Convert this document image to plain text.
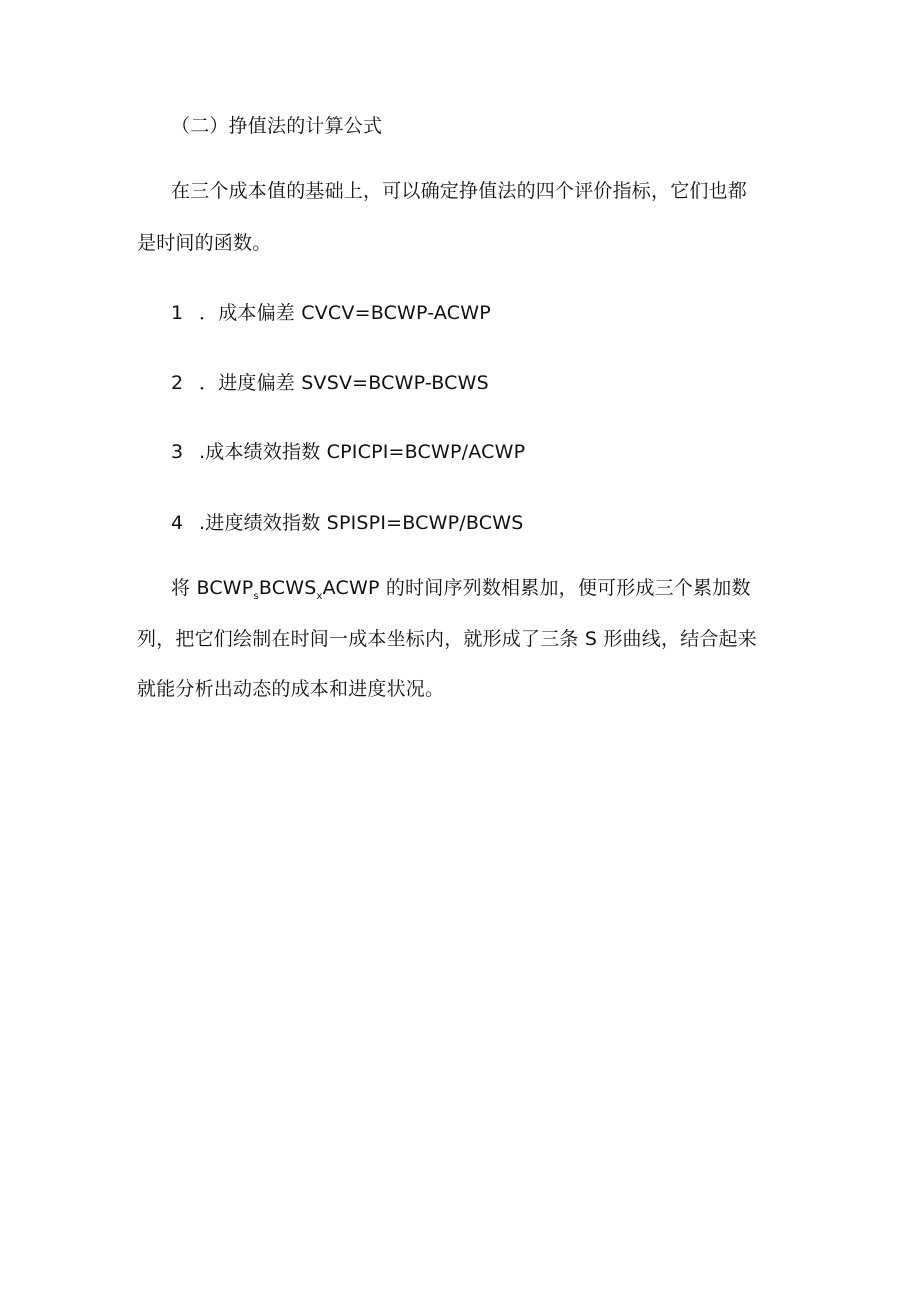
（二）挣值法的计算公式
在三个成本值的基础上，可以确定挣值法的四个评价指标，它们也都
是时间的函数。
1 ．成本偏差 CVCV=BCWP-ACWP
2 ．进度偏差 SVSV=BCWP-BCWS
3 .成本绩效指数 CPICPI=BCWP/ACWP
4 .进度绩效指数 SPISPI=BCWP/BCWS
将 $BCWP_sBCWS_xACWP$ 的时间序列数相累加，便可形成三个累加数
列，把它们绘制在时间一成本坐标内，就形成了三条 S 形曲线，结合起来
就能分析出动态的成本和进度状况。
